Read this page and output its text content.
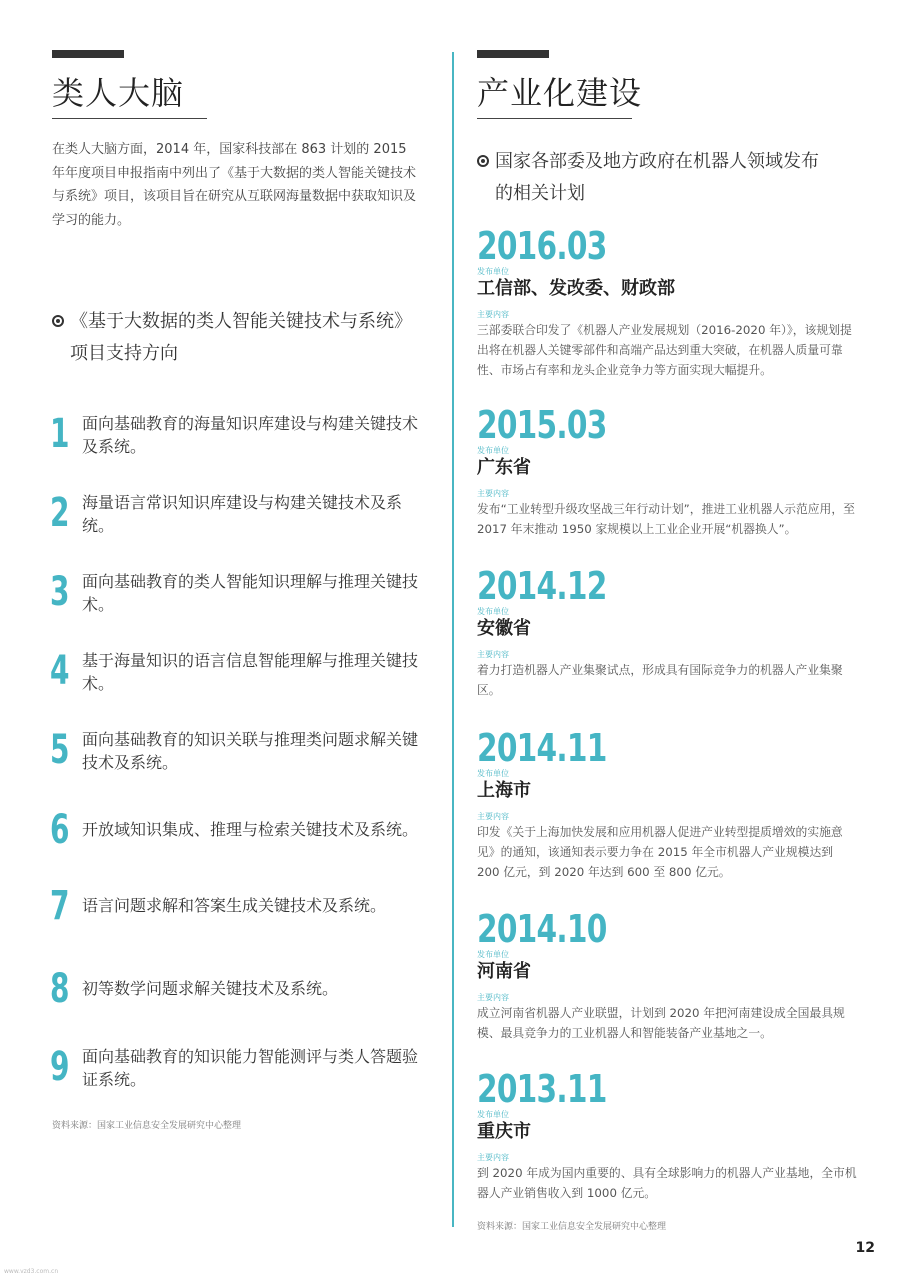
类人大脑
在类人大脑方面，2014 年，国家科技部在 863 计划的 2015 年年度项目申报指南中列出了《基于大数据的类人智能关键技术与系统》项目，该项目旨在研究从互联网海量数据中获取知识及学习的能力。
《基于大数据的类人智能关键技术与系统》
项目支持方向
1 面向基础教育的海量知识库建设与构建关键技术及系统。
2 海量语言常识知识库建设与构建关键技术及系统。
3 面向基础教育的类人智能知识理解与推理关键技术。
4 基于海量知识的语言信息智能理解与推理关键技术。
5 面向基础教育的知识关联与推理类问题求解关键技术及系统。
6 开放域知识集成、推理与检索关键技术及系统。
7 语言问题求解和答案生成关键技术及系统。
8 初等数学问题求解关键技术及系统。
9 面向基础教育的知识能力智能测评与类人答题验证系统。
资料来源：国家工业信息安全发展研究中心整理
产业化建设
国家各部委及地方政府在机器人领域发布
的相关计划
2016.03
发布单位
工信部、发改委、财政部
主要内容
三部委联合印发了《机器人产业发展规划（2016-2020 年）》，该规划提出将在机器人关键零部件和高端产品达到重大突破，在机器人质量可靠性、市场占有率和龙头企业竞争力等方面实现大幅提升。
2015.03
发布单位
广东省
主要内容
发布“工业转型升级攻坚战三年行动计划”，推进工业机器人示范应用，至 2017 年末推动 1950 家规模以上工业企业开展“机器换人”。
2014.12
发布单位
安徽省
主要内容
着力打造机器人产业集聚试点，形成具有国际竞争力的机器人产业集聚区。
2014.11
发布单位
上海市
主要内容
印发《关于上海加快发展和应用机器人促进产业转型提质增效的实施意见》的通知，该通知表示要力争在 2015 年全市机器人产业规模达到 200 亿元，到 2020 年达到 600 至 800 亿元。
2014.10
发布单位
河南省
主要内容
成立河南省机器人产业联盟，计划到 2020 年把河南建设成全国最具规模、最具竞争力的工业机器人和智能装备产业基地之一。
2013.11
发布单位
重庆市
主要内容
到 2020 年成为国内重要的、具有全球影响力的机器人产业基地，全市机器人产业销售收入到 1000 亿元。
资料来源：国家工业信息安全发展研究中心整理
12
www.vzd3.com.cn
